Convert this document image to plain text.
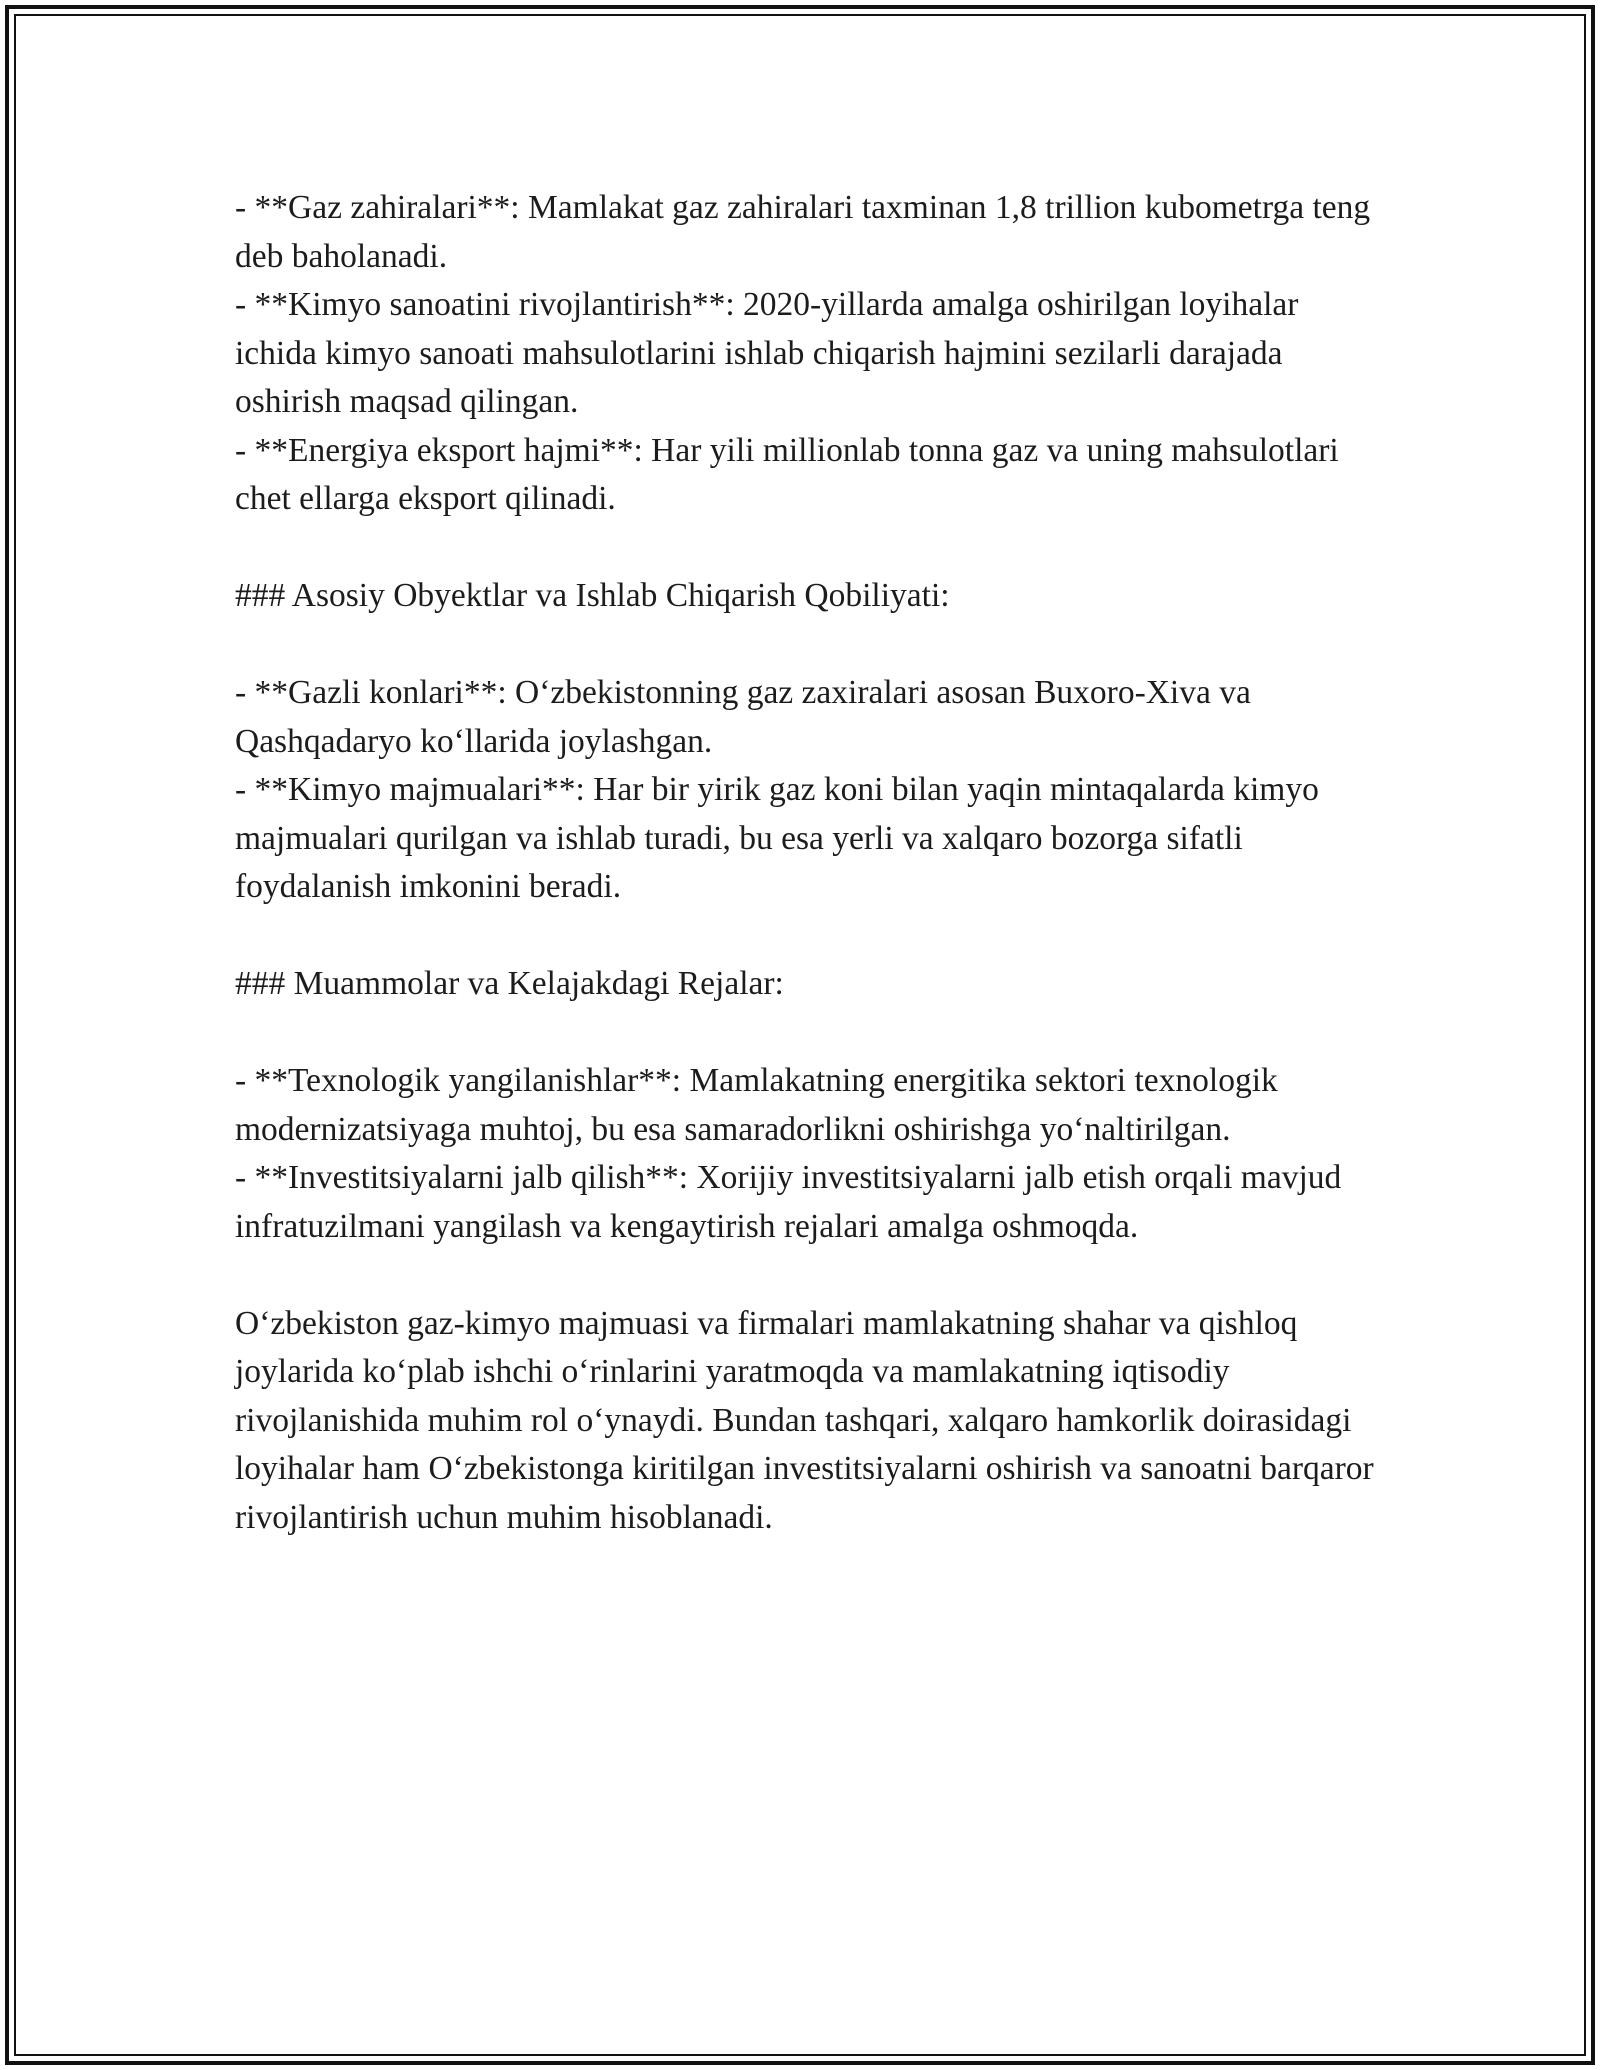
- **Gaz zahiralari**: Mamlakat gaz zahiralari taxminan 1,8 trillion kubometrga teng deb baholanadi.

- **Kimyo sanoatini rivojlantirish**: 2020-yillarda amalga oshirilgan loyihalar ichida kimyo sanoati mahsulotlarini ishlab chiqarish hajmini sezilarli darajada oshirish maqsad qilingan.

- **Energiya eksport hajmi**: Har yili millionlab tonna gaz va uning mahsulotlari chet ellarga eksport qilinadi.

### Asosiy Obyektlar va Ishlab Chiqarish Qobiliyati:

- **Gazli konlari**: O‘zbekistonning gaz zaxiralari asosan Buxoro-Xiva va Qashqadaryo ko‘llarida joylashgan.

- **Kimyo majmualari**: Har bir yirik gaz koni bilan yaqin mintaqalarda kimyo majmualari qurilgan va ishlab turadi, bu esa yerli va xalqaro bozorga sifatli foydalanish imkonini beradi.

### Muammolar va Kelajakdagi Rejalar:

- **Texnologik yangilanishlar**: Mamlakatning energitika sektori texnologik modernizatsiyaga muhtoj, bu esa samaradorlikni oshirishga yo‘naltirilgan.

- **Investitsiyalarni jalb qilish**: Xorijiy investitsiyalarni jalb etish orqali mavjud infratuzilmani yangilash va kengaytirish rejalari amalga oshmoqda.

O‘zbekiston gaz-kimyo majmuasi va firmalari mamlakatning shahar va qishloq joylarida ko‘plab ishchi o‘rinlarini yaratmoqda va mamlakatning iqtisodiy rivojlanishida muhim rol o‘ynaydi. Bundan tashqari, xalqaro hamkorlik doirasidagi loyihalar ham O‘zbekistonga kiritilgan investitsiyalarni oshirish va sanoatni barqaror rivojlantirish uchun muhim hisoblanadi.
